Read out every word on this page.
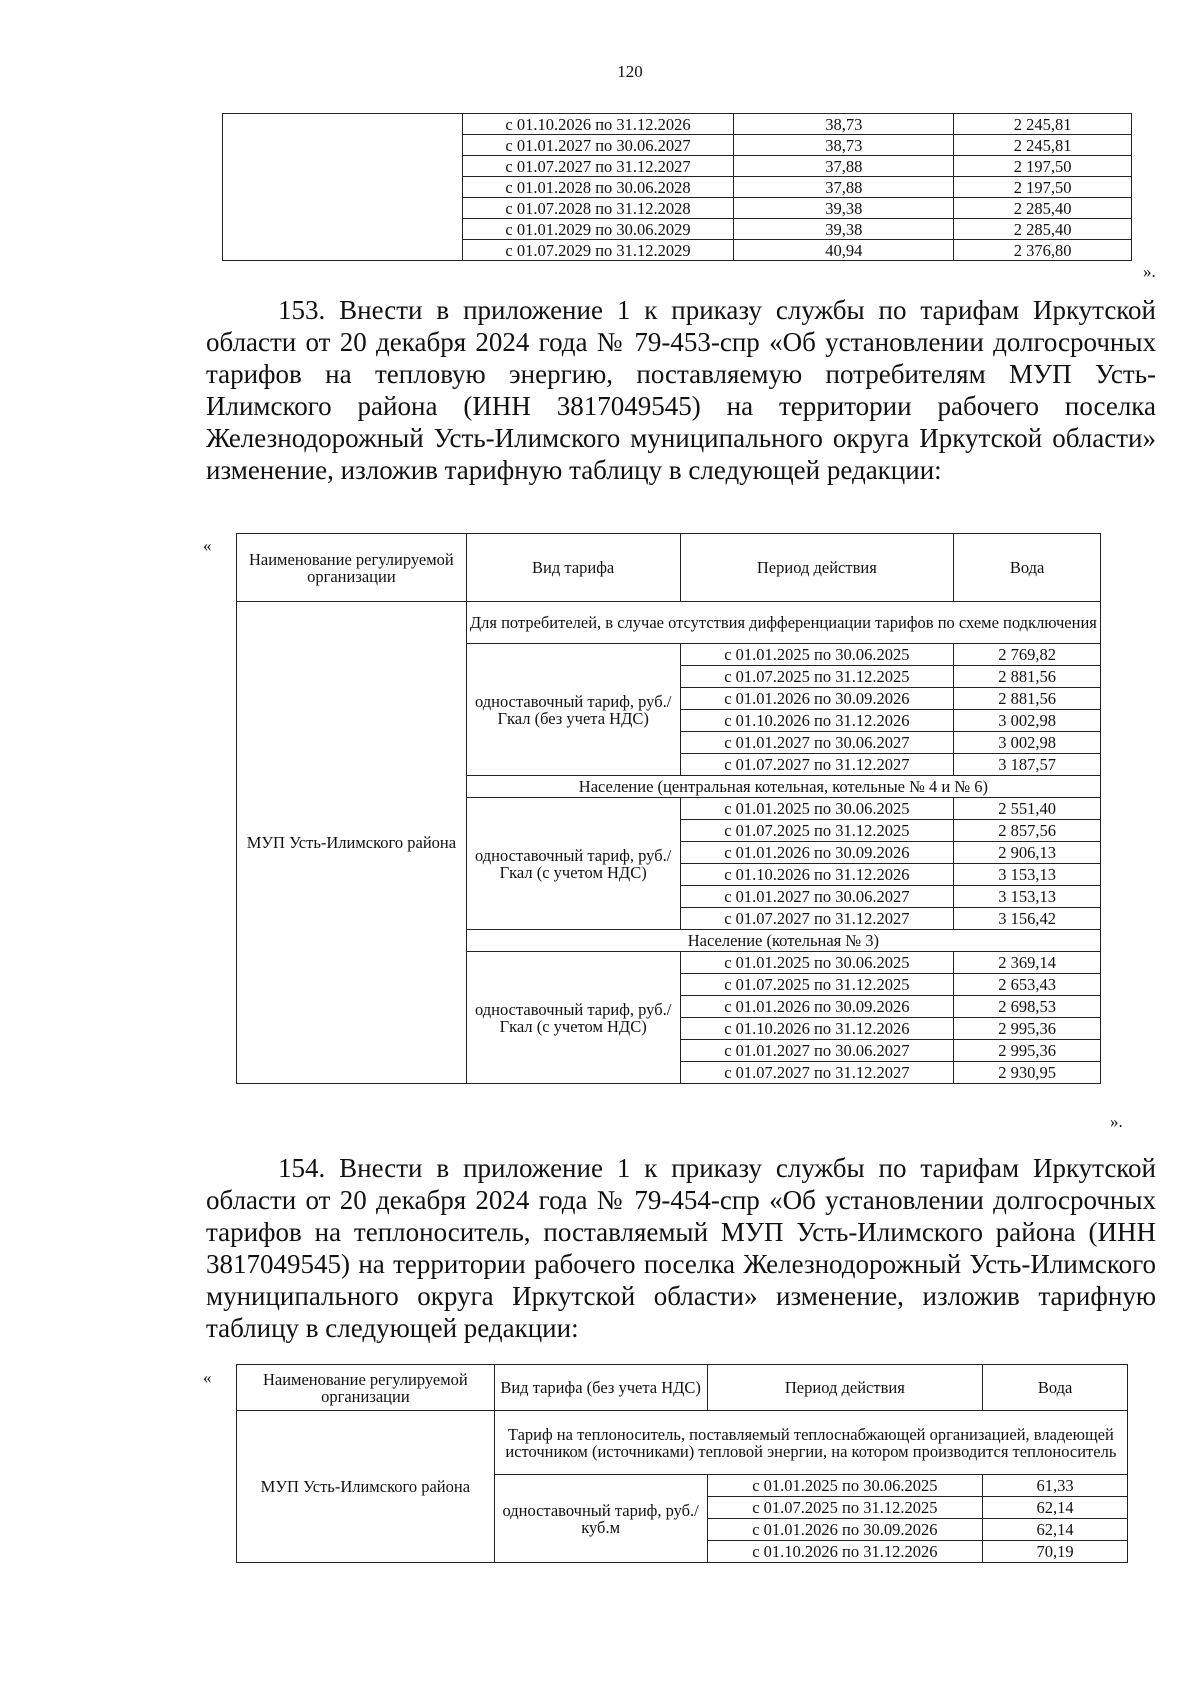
120
	с 01.10.2026 по 31.12.2026	38,73	2 245,81
	с 01.01.2027 по 30.06.2027	38,73	2 245,81
	с 01.07.2027 по 31.12.2027	37,88	2 197,50
	с 01.01.2028 по 30.06.2028	37,88	2 197,50
	с 01.07.2028 по 31.12.2028	39,38	2 285,40
	с 01.01.2029 по 30.06.2029	39,38	2 285,40
	с 01.07.2029 по 31.12.2029	40,94	2 376,80
».
153. Внести в приложение 1 к приказу службы по тарифам Иркутской области от 20 декабря 2024 года № 79-453-спр «Об установлении долгосрочных тарифов на тепловую энергию, поставляемую потребителям МУП Усть-Илимского района (ИНН 3817049545) на территории рабочего поселка Железнодорожный Усть-Илимского муниципального округа Иркутской области» изменение, изложив тарифную таблицу в следующей редакции:
«
Наименование регулируемой организации	Вид тарифа	Период действия	Вода
МУП Усть-Илимского района	Для потребителей, в случае отсутствия дифференциации тарифов по схеме подключения		
	одноставочный тариф, руб./Гкал (без учета НДС)	с 01.01.2025 по 30.06.2025	2 769,82
		с 01.07.2025 по 31.12.2025	2 881,56
		с 01.01.2026 по 30.09.2026	2 881,56
		с 01.10.2026 по 31.12.2026	3 002,98
		с 01.01.2027 по 30.06.2027	3 002,98
		с 01.07.2027 по 31.12.2027	3 187,57
	Население (центральная котельная, котельные № 4 и № 6)		
	одноставочный тариф, руб./Гкал (с учетом НДС)	с 01.01.2025 по 30.06.2025	2 551,40
		с 01.07.2025 по 31.12.2025	2 857,56
		с 01.01.2026 по 30.09.2026	2 906,13
		с 01.10.2026 по 31.12.2026	3 153,13
		с 01.01.2027 по 30.06.2027	3 153,13
		с 01.07.2027 по 31.12.2027	3 156,42
	Население (котельная № 3)		
	одноставочный тариф, руб./Гкал (с учетом НДС)	с 01.01.2025 по 30.06.2025	2 369,14
		с 01.07.2025 по 31.12.2025	2 653,43
		с 01.01.2026 по 30.09.2026	2 698,53
		с 01.10.2026 по 31.12.2026	2 995,36
		с 01.01.2027 по 30.06.2027	2 995,36
		с 01.07.2027 по 31.12.2027	2 930,95
».
154. Внести в приложение 1 к приказу службы по тарифам Иркутской области от 20 декабря 2024 года № 79-454-спр «Об установлении долгосрочных тарифов на теплоноситель, поставляемый МУП Усть-Илимского района (ИНН 3817049545) на территории рабочего поселка Железнодорожный Усть-Илимского муниципального округа Иркутской области» изменение, изложив тарифную таблицу в следующей редакции:
«	Наименование регулируемой организации	Вид тарифа (без учета НДС)	Период действия	Вода
МУП Усть-Илимского района	Тариф на теплоноситель, поставляемый теплоснабжающей организацией, владеющей источником (источниками) тепловой энергии, на котором производится теплоноситель		
	одноставочный тариф, руб./куб.м	с 01.01.2025 по 30.06.2025	61,33
		с 01.07.2025 по 31.12.2025	62,14
		с 01.01.2026 по 30.09.2026	62,14
		с 01.10.2026 по 31.12.2026	70,19
